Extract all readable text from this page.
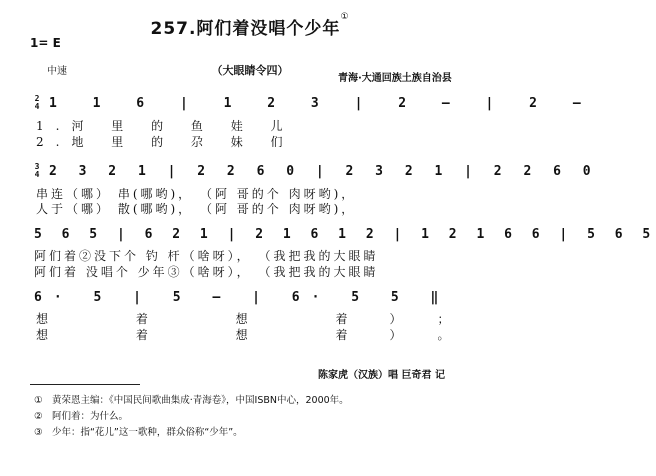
257.阿们着没唱个少年①
1= E
中速	（大眼睛令四）
青海·大通回族土族自治县
2
4 1 1 6 | 1 2 3 | 2 – | 2 –
1.河 里 的 鱼 娃 儿
2.地 里 的 尕 妹 们
3
4 2 3 2 1 | 2 2 6 0 | 2 3 2 1 | 2 2 6 0
串连（哪） 串(哪哟)， （阿 哥的个 肉呀哟)，
人于（哪） 散(哪哟)， （阿 哥的个 肉呀哟)，
5 6 5 | 6 2 1 | 2 1 6 1 2 | 1 2 1 6 6 | 5 6 5
阿们着②没下个 钓 杆（啥呀）， （我把我的大眼睛
阿们着 没唱个 少年③（啥呀）， （我把我的大眼睛
6· 5 | 5 – | 6· 5 5 ‖
想 着 想 着）；
想 着 想 着）。
陈家虎（汉族）唱 巨奇君 记
① 黄荣恩主编：《中国民间歌曲集成·青海卷》，中国ISBN中心，2000年。
② 阿们着：为什么。
③ 少年：指“花儿”这一歌种，群众俗称“少年”。
